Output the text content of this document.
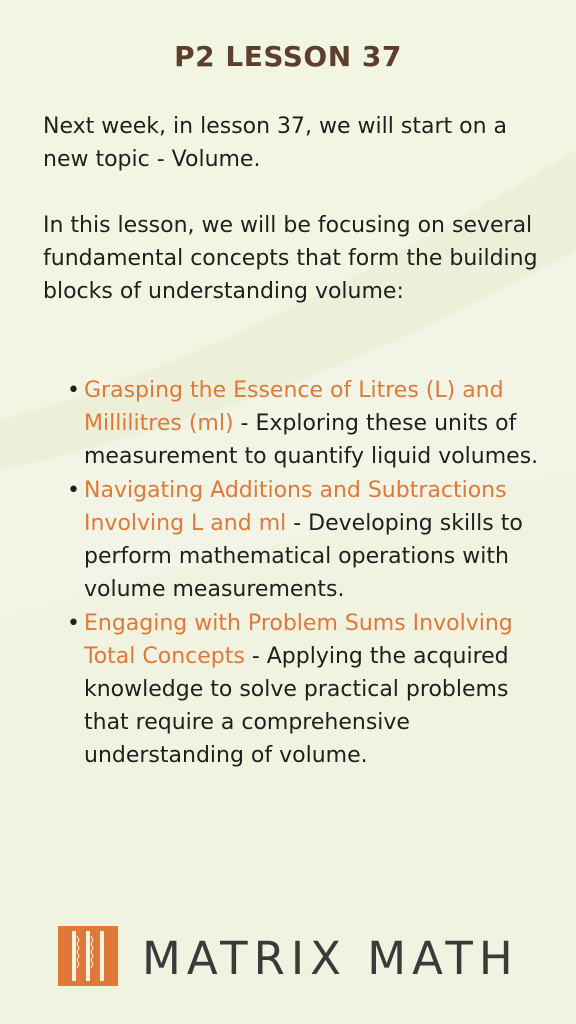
P2 LESSON 37
Next week, in lesson 37, we will start on a new topic - Volume.
In this lesson, we will be focusing on several fundamental concepts that form the building blocks of understanding volume:
• Grasping the Essence of Litres (L) and Millilitres (ml) - Exploring these units of measurement to quantify liquid volumes.
• Navigating Additions and Subtractions Involving L and ml - Developing skills to perform mathematical operations with volume measurements.
• Engaging with Problem Sums Involving Total Concepts - Applying the acquired knowledge to solve practical problems that require a comprehensive understanding of volume.
MATRIX MATH
